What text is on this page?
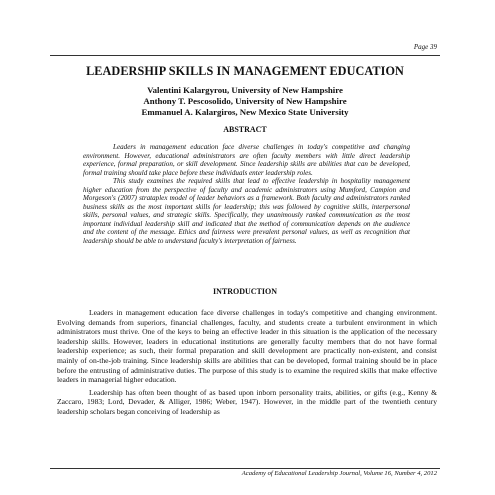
Page 39
LEADERSHIP SKILLS IN MANAGEMENT EDUCATION
Valentini Kalargyrou, University of New Hampshire
Anthony T. Pescosolido, University of New Hampshire
Emmanuel A. Kalargiros, New Mexico State University
ABSTRACT

Leaders in management education face diverse challenges in today's competitive and changing environment. However, educational administrators are often faculty members with little direct leadership experience, formal preparation, or skill development. Since leadership skills are abilities that can be developed, formal training should take place before these individuals enter leadership roles.

This study examines the required skills that lead to effective leadership in hospitality management higher education from the perspective of faculty and academic administrators using Mumford, Campion and Morgeson's (2007) strataplex model of leader behaviors as a framework. Both faculty and administrators ranked business skills as the most important skills for leadership; this was followed by cognitive skills, interpersonal skills, personal values, and strategic skills. Specifically, they unanimously ranked communication as the most important individual leadership skill and indicated that the method of communication depends on the audience and the content of the message. Ethics and fairness were prevalent personal values, as well as recognition that leadership should be able to understand faculty's interpretation of fairness.

INTRODUCTION

Leaders in management education face diverse challenges in today's competitive and changing environment. Evolving demands from superiors, financial challenges, faculty, and students create a turbulent environment in which administrators must thrive. One of the keys to being an effective leader in this situation is the application of the necessary leadership skills. However, leaders in educational institutions are generally faculty members that do not have formal leadership experience; as such, their formal preparation and skill development are practically non-existent, and consist mainly of on-the-job training. Since leadership skills are abilities that can be developed, formal training should be in place before the entrusting of administrative duties. The purpose of this study is to examine the required skills that make effective leaders in managerial higher education.

Leadership has often been thought of as based upon inborn personality traits, abilities, or gifts (e.g., Kenny & Zaccaro, 1983; Lord, Devader, & Alliger, 1986; Weber, 1947). However, in the middle part of the twentieth century leadership scholars began conceiving of leadership as

Academy of Educational Leadership Journal, Volume 16, Number 4, 2012
